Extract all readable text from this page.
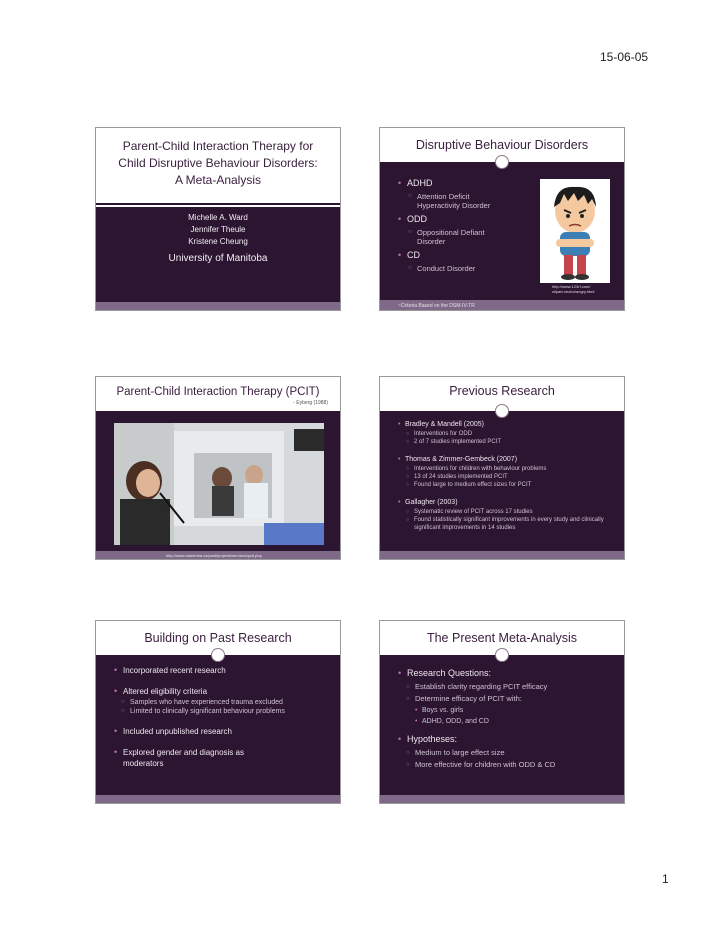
15-06-05
Parent-Child Interaction Therapy for
Child Disruptive Behaviour Disorders:
A Meta-Analysis
Michelle A. Ward
Jennifer Theule
Kristene Cheung
University of Manitoba
Disruptive Behaviour Disorders
• ADHD
○ Attention Deficit
Hyperactivity Disorder
• ODD
○ Oppositional Defiant
Disorder
• CD
○ Conduct Disorder
http://www.123rf.com/
clipart-vector/angry.html
~Criteria Based on the DSM-IV-TR
Parent-Child Interaction Therapy (PCIT)
- Eyberg (1988)
http://www.manitoba.ca/pwd/projects/services/pcit.php
Previous Research
• Bradley & Mandell (2005)
○ Interventions for ODD
○ 2 of 7 studies implemented PCIT
• Thomas & Zimmer-Gembeck (2007)
○ Interventions for children with behaviour problems
○ 13 of 24 studies implemented PCIT
○ Found large to medium effect sizes for PCIT
• Gallagher (2003)
○ Systematic review of PCIT across 17 studies
○ Found statistically significant improvements in every study and clinically significant improvements in 14 studies
Building on Past Research
• Incorporated recent research
• Altered eligibility criteria
○ Samples who have experienced trauma excluded
○ Limited to clinically significant behaviour problems
• Included unpublished research
• Explored gender and diagnosis as moderators
The Present Meta-Analysis
• Research Questions:
○ Establish clarity regarding PCIT efficacy
○ Determine efficacy of PCIT with:
• Boys vs. girls
• ADHD, ODD, and CD
• Hypotheses:
○ Medium to large effect size
○ More effective for children with ODD & CD
1
